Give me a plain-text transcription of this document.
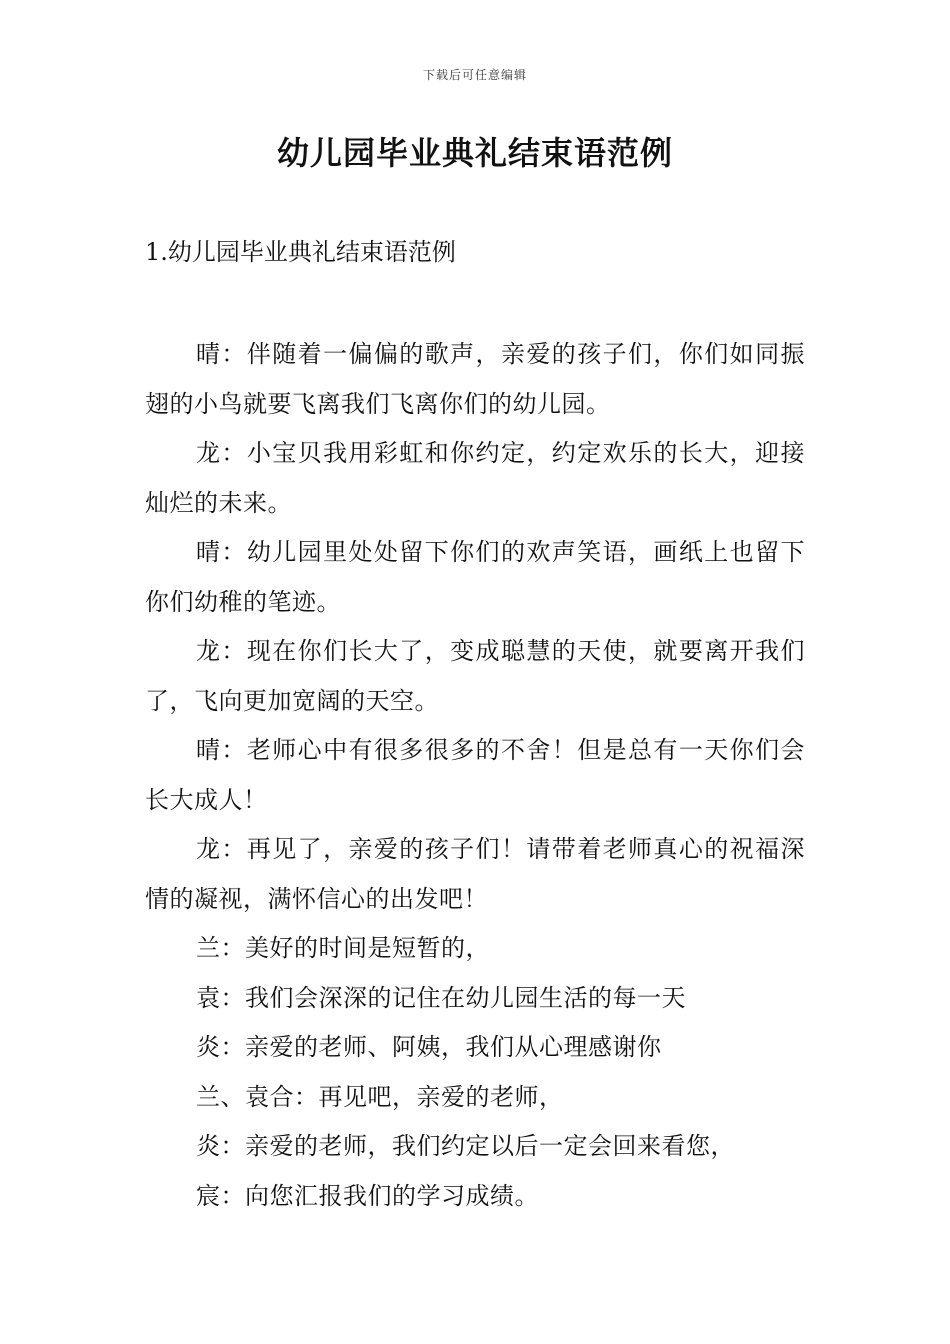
下载后可任意编辑
幼儿园毕业典礼结束语范例
1.幼儿园毕业典礼结束语范例

晴：伴随着一偏偏的歌声，亲爱的孩子们，你们如同振翅的小鸟就要飞离我们飞离你们的幼儿园。

龙：小宝贝我用彩虹和你约定，约定欢乐的长大，迎接灿烂的未来。

晴：幼儿园里处处留下你们的欢声笑语，画纸上也留下你们幼稚的笔迹。

龙：现在你们长大了，变成聪慧的天使，就要离开我们了，飞向更加宽阔的天空。

晴：老师心中有很多很多的不舍！但是总有一天你们会长大成人！

龙：再见了，亲爱的孩子们！请带着老师真心的祝福深情的凝视，满怀信心的出发吧！

兰：美好的时间是短暂的，

袁：我们会深深的记住在幼儿园生活的每一天

炎：亲爱的老师、阿姨，我们从心理感谢你

兰、袁合：再见吧，亲爱的老师，

炎：亲爱的老师，我们约定以后一定会回来看您，

宸：向您汇报我们的学习成绩。
